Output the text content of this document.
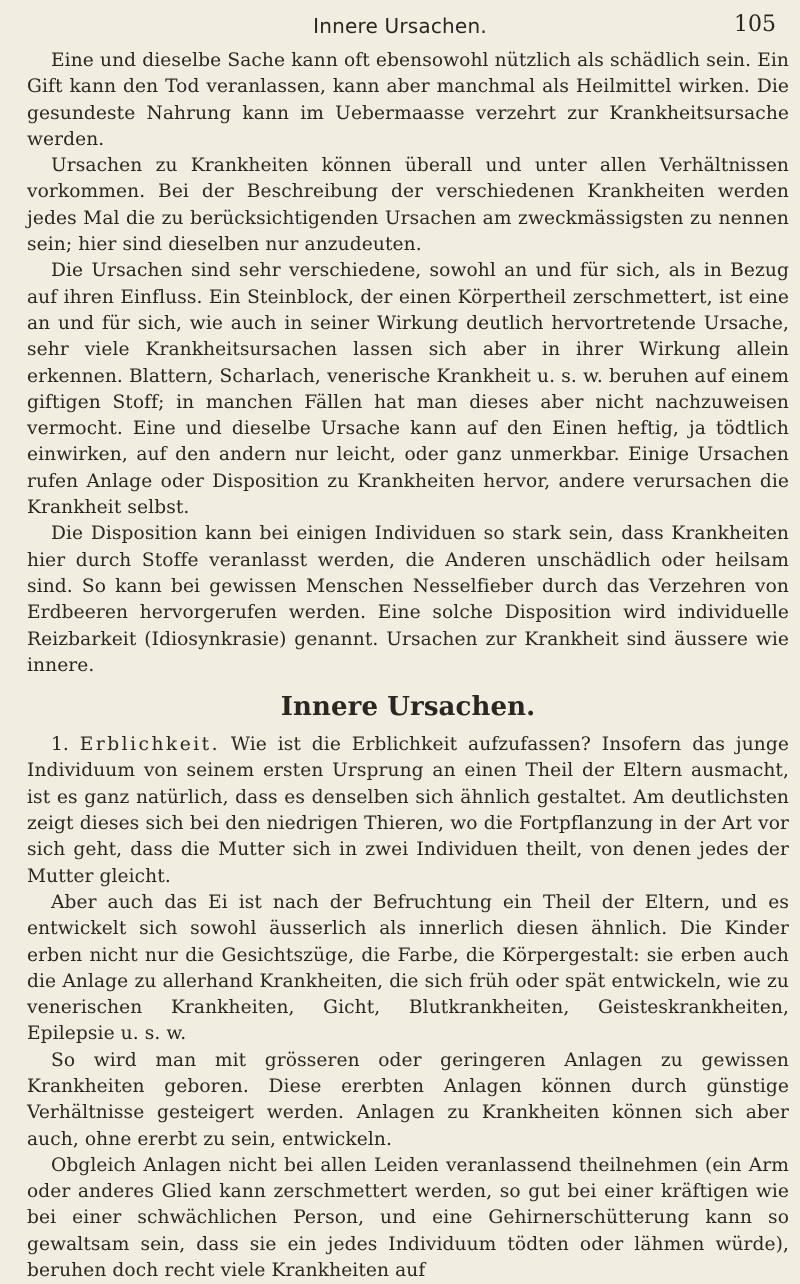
Innere Ursachen.	105

Eine und dieselbe Sache kann oft ebensowohl nützlich als schädlich sein. Ein Gift kann den Tod veranlassen, kann aber manchmal als Heilmittel wirken. Die gesundeste Nahrung kann im Uebermaasse verzehrt zur Krankheitsursache werden.

Ursachen zu Krankheiten können überall und unter allen Verhältnissen vorkommen. Bei der Beschreibung der verschiedenen Krankheiten werden jedes Mal die zu berücksichtigenden Ursachen am zweckmässigsten zu nennen sein; hier sind dieselben nur anzudeuten.

Die Ursachen sind sehr verschiedene, sowohl an und für sich, als in Bezug auf ihren Einfluss. Ein Steinblock, der einen Körpertheil zerschmettert, ist eine an und für sich, wie auch in seiner Wirkung deutlich hervortretende Ursache, sehr viele Krankheitsursachen lassen sich aber in ihrer Wirkung allein erkennen. Blattern, Scharlach, venerische Krankheit u. s. w. beruhen auf einem giftigen Stoff; in manchen Fällen hat man dieses aber nicht nachzuweisen vermocht. Eine und dieselbe Ursache kann auf den Einen heftig, ja tödtlich einwirken, auf den andern nur leicht, oder ganz unmerkbar. Einige Ursachen rufen Anlage oder Disposition zu Krankheiten hervor, andere verursachen die Krankheit selbst.

Die Disposition kann bei einigen Individuen so stark sein, dass Krankheiten hier durch Stoffe veranlasst werden, die Anderen unschädlich oder heilsam sind. So kann bei gewissen Menschen Nesselfieber durch das Verzehren von Erdbeeren hervorgerufen werden. Eine solche Disposition wird individuelle Reizbarkeit (Idiosynkrasie) genannt. Ursachen zur Krankheit sind äussere wie innere.

Innere Ursachen.

1. Erblichkeit. Wie ist die Erblichkeit aufzufassen? Insofern das junge Individuum von seinem ersten Ursprung an einen Theil der Eltern ausmacht, ist es ganz natürlich, dass es denselben sich ähnlich gestaltet. Am deutlichsten zeigt dieses sich bei den niedrigen Thieren, wo die Fortpflanzung in der Art vor sich geht, dass die Mutter sich in zwei Individuen theilt, von denen jedes der Mutter gleicht.

Aber auch das Ei ist nach der Befruchtung ein Theil der Eltern, und es entwickelt sich sowohl äusserlich als innerlich diesen ähnlich. Die Kinder erben nicht nur die Gesichtszüge, die Farbe, die Körpergestalt: sie erben auch die Anlage zu allerhand Krankheiten, die sich früh oder spät entwickeln, wie zu venerischen Krankheiten, Gicht, Blutkrankheiten, Geisteskrankheiten, Epilepsie u. s. w.

So wird man mit grösseren oder geringeren Anlagen zu gewissen Krankheiten geboren. Diese ererbten Anlagen können durch günstige Verhältnisse gesteigert werden. Anlagen zu Krankheiten können sich aber auch, ohne ererbt zu sein, entwickeln.

Obgleich Anlagen nicht bei allen Leiden veranlassend theilnehmen (ein Arm oder anderes Glied kann zerschmettert werden, so gut bei einer kräftigen wie bei einer schwächlichen Person, und eine Gehirnerschütterung kann so gewaltsam sein, dass sie ein jedes Individuum tödten oder lähmen würde), beruhen doch recht viele Krankheiten auf
